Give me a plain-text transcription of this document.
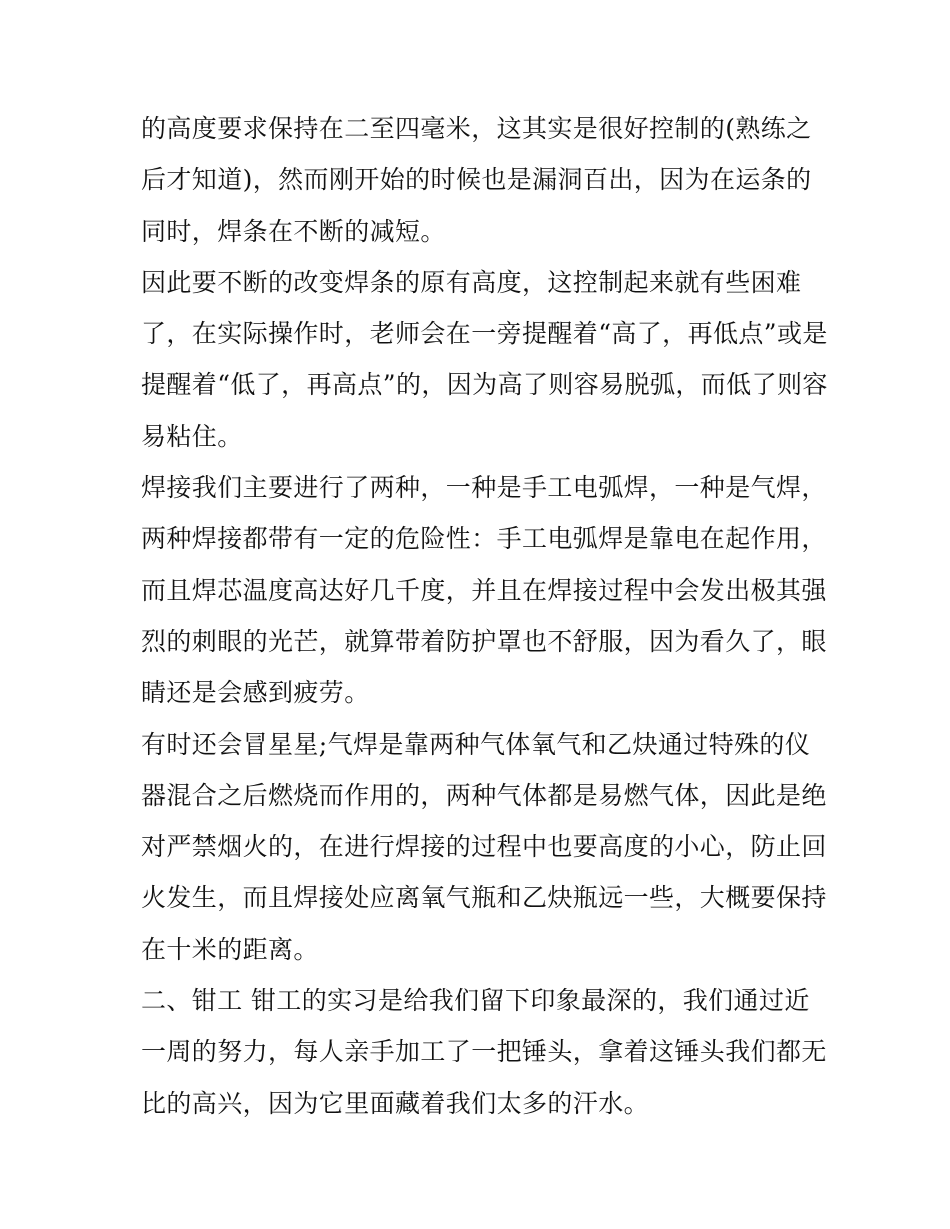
的高度要求保持在二至四毫米，这其实是很好控制的(熟练之
后才知道)，然而刚开始的时候也是漏洞百出，因为在运条的
同时，焊条在不断的减短。
因此要不断的改变焊条的原有高度，这控制起来就有些困难
了，在实际操作时，老师会在一旁提醒着“高了，再低点”或是
提醒着“低了，再高点”的，因为高了则容易脱弧，而低了则容
易粘住。
焊接我们主要进行了两种，一种是手工电弧焊，一种是气焊，
两种焊接都带有一定的危险性：手工电弧焊是靠电在起作用，
而且焊芯温度高达好几千度，并且在焊接过程中会发出极其强
烈的刺眼的光芒，就算带着防护罩也不舒服，因为看久了，眼
睛还是会感到疲劳。
有时还会冒星星;气焊是靠两种气体氧气和乙炔通过特殊的仪
器混合之后燃烧而作用的，两种气体都是易燃气体，因此是绝
对严禁烟火的，在进行焊接的过程中也要高度的小心，防止回
火发生，而且焊接处应离氧气瓶和乙炔瓶远一些，大概要保持
在十米的距离。
二、钳工 钳工的实习是给我们留下印象最深的，我们通过近
一周的努力，每人亲手加工了一把锤头，拿着这锤头我们都无
比的高兴，因为它里面藏着我们太多的汗水。
